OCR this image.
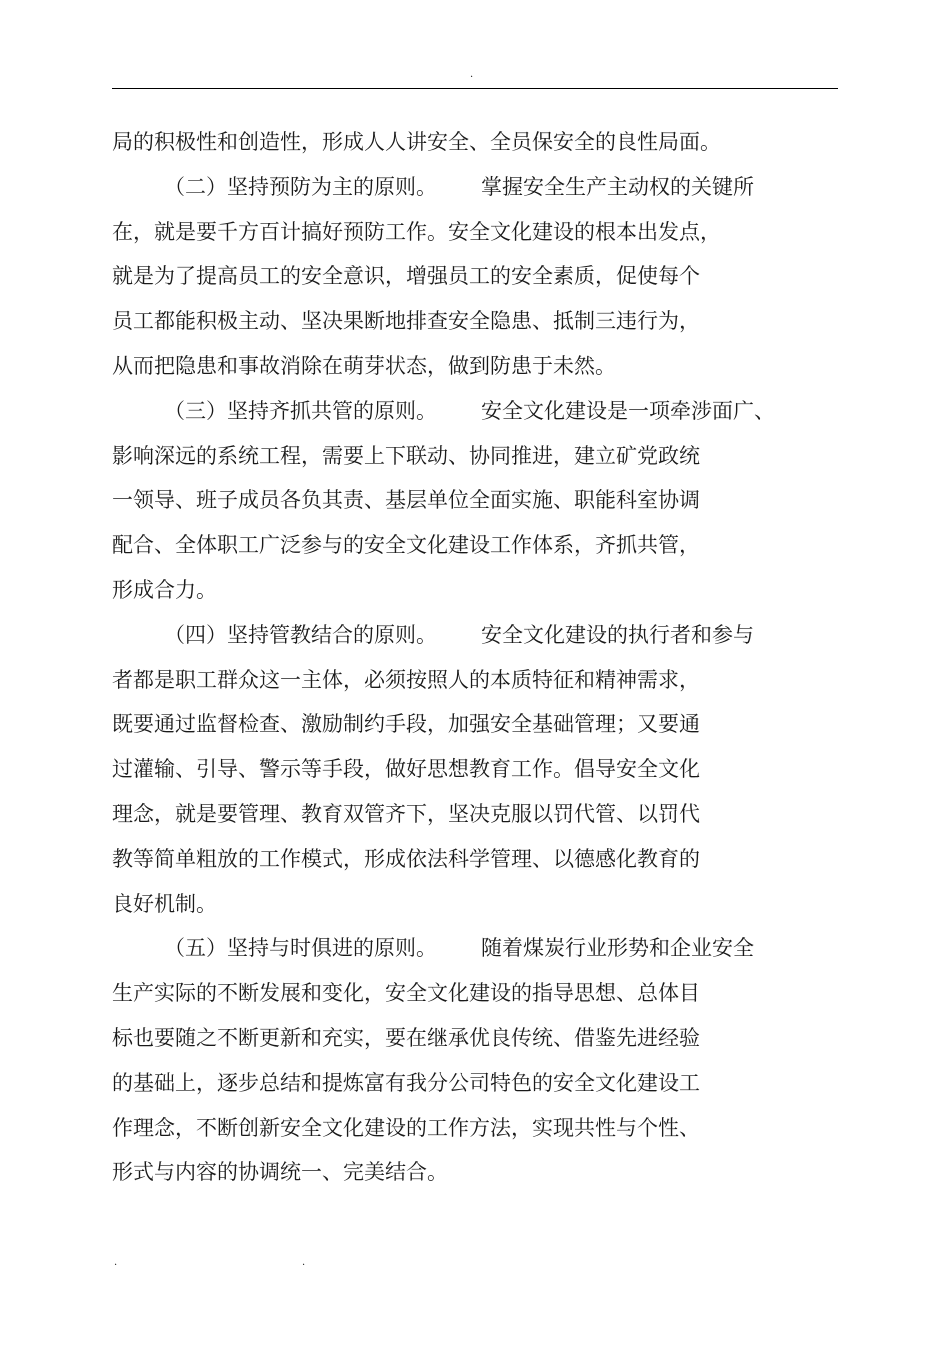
.
局的积极性和创造性，形成人人讲安全、全员保安全的良性局面。
（二）坚持预防为主的原则。 掌握安全生产主动权的关键所
在，就是要千方百计搞好预防工作。安全文化建设的根本出发点，
就是为了提高员工的安全意识，增强员工的安全素质，促使每个
员工都能积极主动、坚决果断地排查安全隐患、抵制三违行为，
从而把隐患和事故消除在萌芽状态，做到防患于未然。
（三）坚持齐抓共管的原则。 安全文化建设是一项牵涉面广、
影响深远的系统工程，需要上下联动、协同推进，建立矿党政统
一领导、班子成员各负其责、基层单位全面实施、职能科室协调
配合、全体职工广泛参与的安全文化建设工作体系，齐抓共管，
形成合力。
（四）坚持管教结合的原则。 安全文化建设的执行者和参与
者都是职工群众这一主体，必须按照人的本质特征和精神需求，
既要通过监督检查、激励制约手段，加强安全基础管理；又要通
过灌输、引导、警示等手段，做好思想教育工作。倡导安全文化
理念，就是要管理、教育双管齐下，坚决克服以罚代管、以罚代
教等简单粗放的工作模式，形成依法科学管理、以德感化教育的
良好机制。
（五）坚持与时俱进的原则。 随着煤炭行业形势和企业安全
生产实际的不断发展和变化，安全文化建设的指导思想、总体目
标也要随之不断更新和充实，要在继承优良传统、借鉴先进经验
的基础上，逐步总结和提炼富有我分公司特色的安全文化建设工
作理念，不断创新安全文化建设的工作方法，实现共性与个性、
形式与内容的协调统一、完美结合。
.	.
